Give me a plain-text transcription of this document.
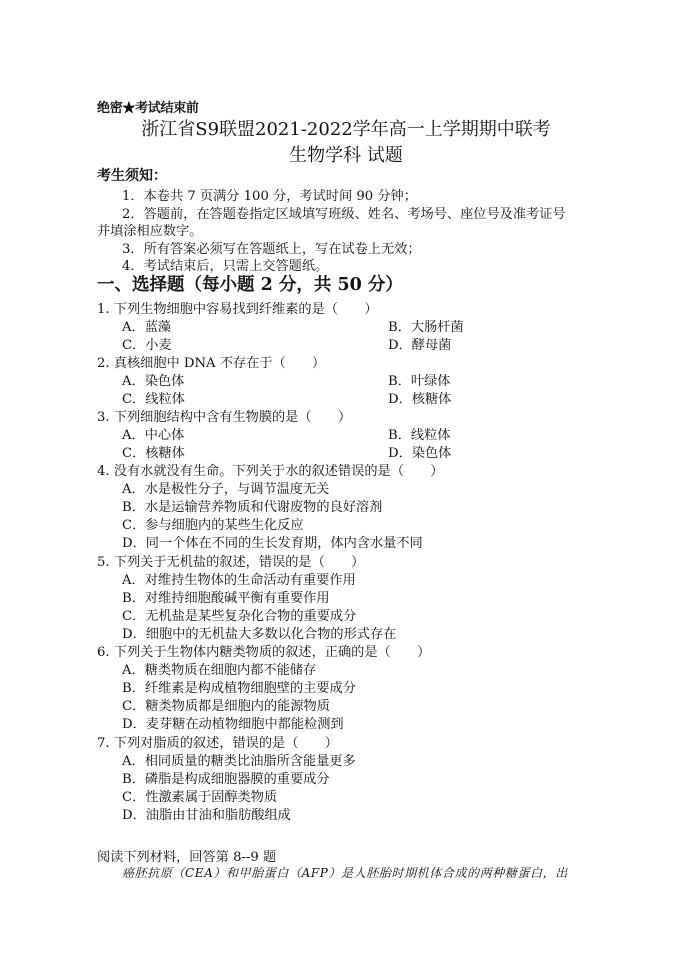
绝密★考试结束前
浙江省S9联盟2021-2022学年高一上学期期中联考
生物学科 试题
考生须知：
1．本卷共 7 页满分 100 分，考试时间 90 分钟；
2．答题前，在答题卷指定区域填写班级、姓名、考场号、座位号及准考证号
并填涂相应数字。
3．所有答案必须写在答题纸上，写在试卷上无效；
4．考试结束后，只需上交答题纸。
一、选择题（每小题 2 分，共 50 分）
1. 下列生物细胞中容易找到纤维素的是（　　）
A．蓝藻	B．大肠杆菌
C．小麦	D．酵母菌
2. 真核细胞中 DNA 不存在于（　　）
A．染色体	B．叶绿体
C．线粒体	D．核糖体
3. 下列细胞结构中含有生物膜的是（　　）
A．中心体	B．线粒体
C．核糖体	D．染色体
4. 没有水就没有生命。下列关于水的叙述错误的是（　　）
A．水是极性分子，与调节温度无关
B．水是运输营养物质和代谢废物的良好溶剂
C．参与细胞内的某些生化反应
D．同一个体在不同的生长发育期，体内含水量不同
5. 下列关于无机盐的叙述，错误的是（　　）
A．对维持生物体的生命活动有重要作用
B．对维持细胞酸碱平衡有重要作用
C．无机盐是某些复杂化合物的重要成分
D．细胞中的无机盐大多数以化合物的形式存在
6. 下列关于生物体内糖类物质的叙述，正确的是（　　）
A．糖类物质在细胞内都不能储存
B．纤维素是构成植物细胞壁的主要成分
C．糖类物质都是细胞内的能源物质
D．麦芽糖在动植物细胞中都能检测到
7. 下列对脂质的叙述，错误的是（　　）
A．相同质量的糖类比油脂所含能量更多
B．磷脂是构成细胞器膜的重要成分
C．性激素属于固醇类物质
D．油脂由甘油和脂肪酸组成
阅读下列材料，回答第 8--9 题
癌胚抗原（CEA）和甲胎蛋白（AFP）是人胚胎时期机体合成的两种糖蛋白，出
